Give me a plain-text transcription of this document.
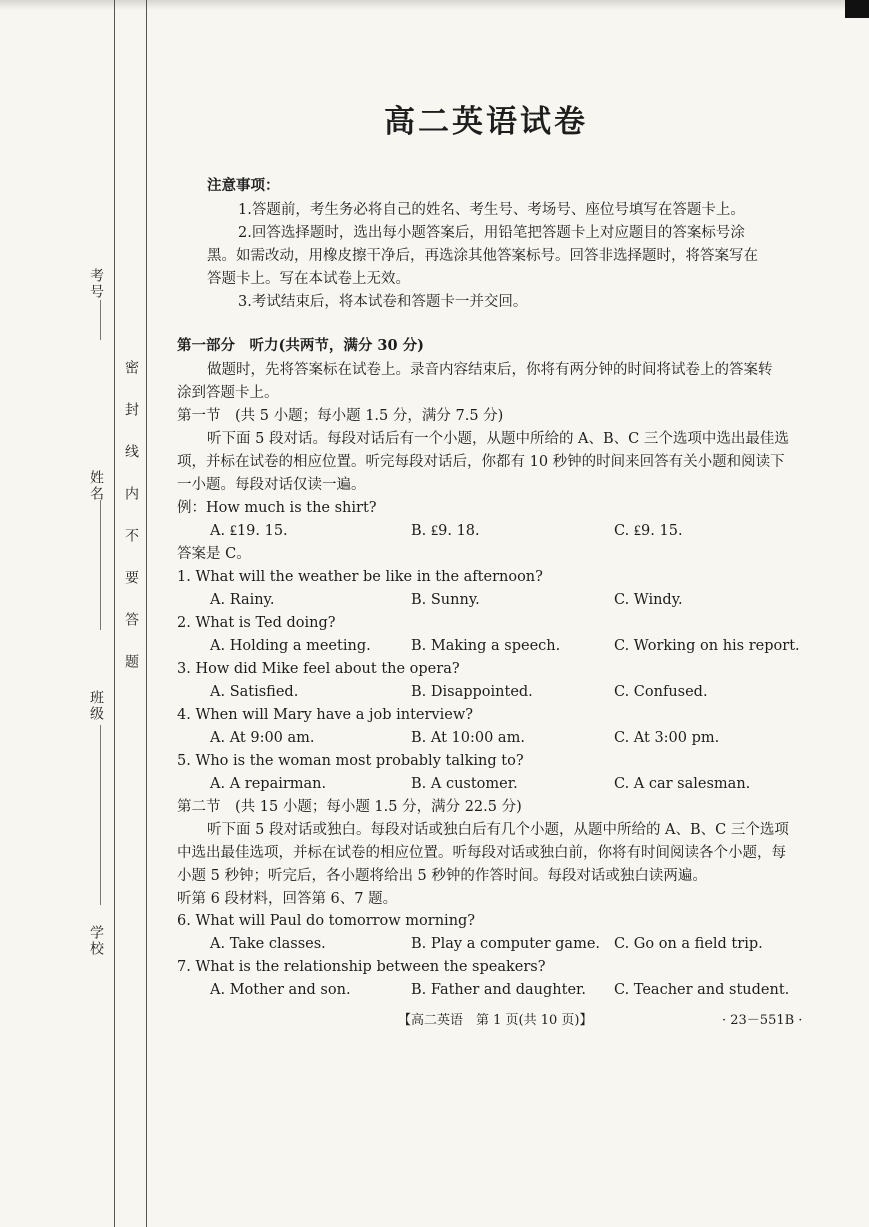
考号
姓名
班级
学校
密封线内不要答题
高二英语试卷
注意事项：
1.答题前，考生务必将自己的姓名、考生号、考场号、座位号填写在答题卡上。
2.回答选择题时，选出每小题答案后，用铅笔把答题卡上对应题目的答案标号涂
黑。如需改动，用橡皮擦干净后，再选涂其他答案标号。回答非选择题时，将答案写在
答题卡上。写在本试卷上无效。
3.考试结束后，将本试卷和答题卡一并交回。
第一部分　听力(共两节，满分 30 分)
做题时，先将答案标在试卷上。录音内容结束后，你将有两分钟的时间将试卷上的答案转
涂到答题卡上。
第一节　(共 5 小题；每小题 1.5 分，满分 7.5 分)
听下面 5 段对话。每段对话后有一个小题，从题中所给的 A、B、C 三个选项中选出最佳选
项，并标在试卷的相应位置。听完每段对话后，你都有 10 秒钟的时间来回答有关小题和阅读下
一小题。每段对话仅读一遍。
例：How much is the shirt?
A. ₤19. 15.	B. ₤9. 18.	C. ₤9. 15.
答案是 C。
1. What will the weather be like in the afternoon?
A. Rainy.	B. Sunny.	C. Windy.
2. What is Ted doing?
A. Holding a meeting.	B. Making a speech.	C. Working on his report.
3. How did Mike feel about the opera?
A. Satisfied.	B. Disappointed.	C. Confused.
4. When will Mary have a job interview?
A. At 9:00 am.	B. At 10:00 am.	C. At 3:00 pm.
5. Who is the woman most probably talking to?
A. A repairman.	B. A customer.	C. A car salesman.
第二节　(共 15 小题；每小题 1.5 分，满分 22.5 分)
听下面 5 段对话或独白。每段对话或独白后有几个小题，从题中所给的 A、B、C 三个选项
中选出最佳选项，并标在试卷的相应位置。听每段对话或独白前，你将有时间阅读各个小题，每
小题 5 秒钟；听完后，各小题将给出 5 秒钟的作答时间。每段对话或独白读两遍。
听第 6 段材料，回答第 6、7 题。
6. What will Paul do tomorrow morning?
A. Take classes.	B. Play a computer game. C. Go on a field trip.
7. What is the relationship between the speakers?
A. Mother and son.	B. Father and daughter. C. Teacher and student.
【高二英语　第 1 页(共 10 页)】	· 23－551B ·
